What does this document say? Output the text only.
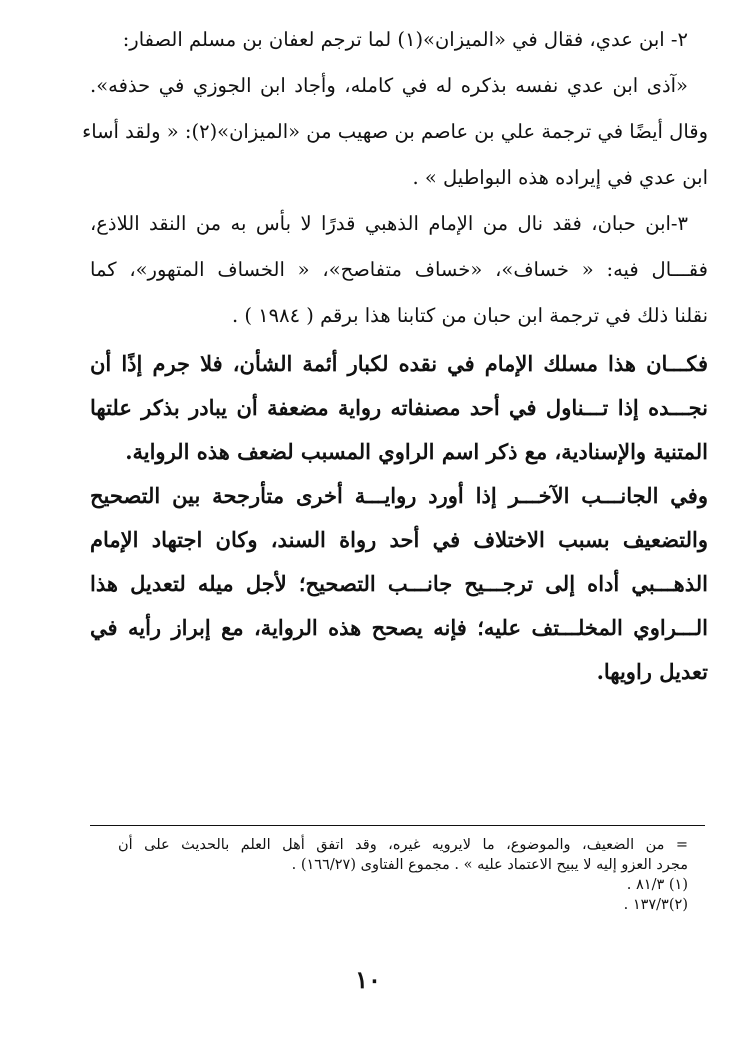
٢- ابن عدي، فقال في «الميزان»(١) لما ترجم لعفان بن مسلم الصفار:
«آذى ابن عدي نفسه بذكره له في كامله، وأجاد ابن الجوزي في حذفه».
وقال أيضًا في ترجمة علي بن عاصم بن صهيب من «الميزان»(٢): « ولقد أساء
ابن عدي في إيراده هذه البواطيل » .
٣-ابن حبان، فقد نال من الإمام الذهبي قدرًا لا بأس به من النقد اللاذع،
فقـــال فيه: « خساف»، «خساف متفاصح»، « الخساف المتهور»، كما
نقلنا ذلك في ترجمة ابن حبان من كتابنا هذا برقم ( ١٩٨٤ ) .
فكـــان هذا مسلك الإمام في نقده لكبار أئمة الشأن، فلا جرم إذًا أن
نجـــده إذا تـــناول في أحد مصنفاته رواية مضعفة أن يبادر بذكر علتها
المتنية والإسنادية، مع ذكر اسم الراوي المسبب لضعف هذه الرواية.
وفي الجانـــب الآخـــر إذا أورد روايـــة أخرى متأرجحة بين التصحيح
والتضعيف بسبب الاختلاف في أحد رواة السند، وكان اجتهاد الإمام
الذهـــبي أداه إلى ترجـــيح جانـــب التصحيح؛ لأجل ميله لتعديل هذا
الـــراوي المخلـــتف عليه؛ فإنه يصحح هذه الرواية، مع إبراز رأيه في
تعديل راويها.
= من الضعيف، والموضوع، ما لايرويه غيره، وقد اتفق أهل العلم بالحديث على أن
مجرد العزو إليه لا يبيح الاعتماد عليه » . مجموع الفتاوى (١٦٦/٢٧) .
(١) ٨١/٣ .
(٢)١٣٧/٣ .
١٠
